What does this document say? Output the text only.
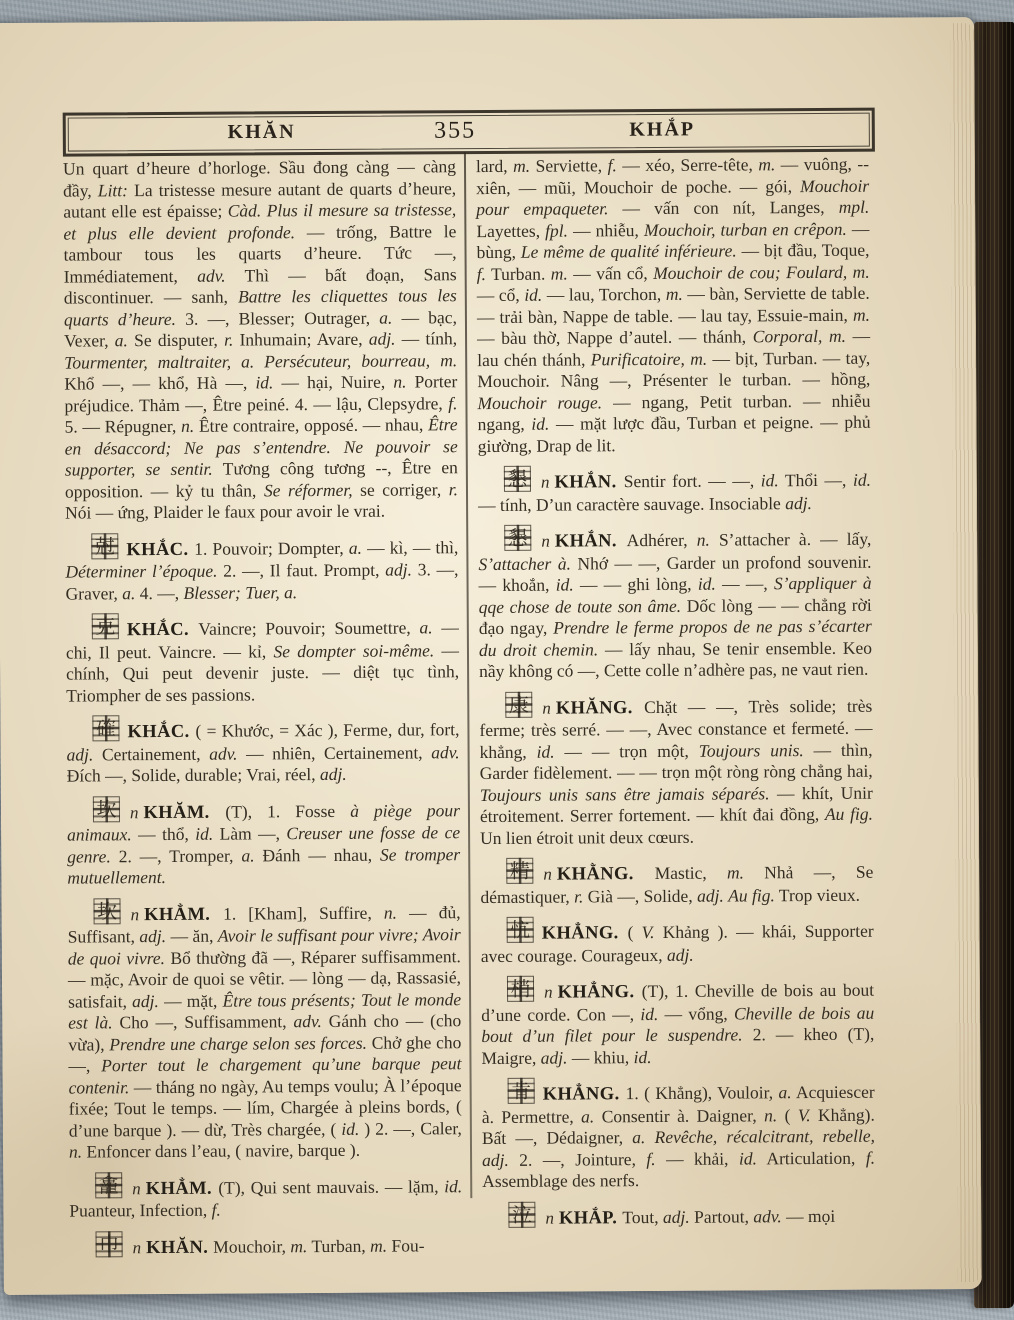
KHĂN	355	KHẮP

Un quart d’heure d’horloge. Sầu đong càng — càng đầy, Litt: La tristesse mesure autant de quarts d’heure, autant elle est épaisse; Càd. Plus il mesure sa tristesse, et plus elle devient profonde. — trống, Battre le tambour tous les quarts d’heure. Tức —, Immédiatement, adv. Thì — bất đoạn, Sans discontinuer. — sanh, Battre les cliquettes tous les quarts d’heure. 3. —, Blesser; Outrager, a. — bạc, Vexer, a. Se disputer, r. Inhumain; Avare, adj. — tính, Tourmenter, maltraiter, a. Persécuteur, bourreau, m. Khổ —, — khổ, Hà —, id. — hại, Nuire, n. Porter préjudice. Thảm —, Être peiné. 4. — lậu, Clepsydre, f. 5. — Répugner, n. Être contraire, opposé. — nhau, Être en désaccord; Ne pas s’entendre. Ne pouvoir se supporter, se sentir. Tương công tương --, Être en opposition. — kỷ tu thân, Se réformer, se corriger, r. Nói — ứng, Plaider le faux pour avoir le vrai.

尅 KHẮC. 1. Pouvoir; Dompter, a. — kì, — thì, Déterminer l’époque. 2. —, Il faut. Prompt, adj. 3. —, Graver, a. 4. —, Blesser; Tuer, a.

克 KHẮC. Vaincre; Pouvoir; Soumettre, a. — chi, Il peut. Vaincre. — kỉ, Se dompter soi-même. — chính, Qui peut devenir juste. — diệt tục tình, Triompher de ses passions.

確 KHẮC. ( = Khước, = Xác ), Ferme, dur, fort, adj. Certainement, adv. — nhiên, Certainement, adv. Đích —, Solide, durable; Vrai, réel, adj.

坎 n KHĂM. (T), 1. Fosse à piège pour animaux. — thổ, id. Làm —, Creuser une fosse de ce genre. 2. —, Tromper, a. Đánh — nhau, Se tromper mutuellement.

坎 n KHẲM. 1. [Kham], Suffire, n. — đủ, Suffisant, adj. — ăn, Avoir le suffisant pour vivre; Avoir de quoi vivre. Bổ thường đã —, Réparer suffisamment. — mặc, Avoir de quoi se vêtir. — lòng — dạ, Rassasié, satisfait, adj. — mặt, Être tous présents; Tout le monde est là. Cho —, Suffisamment, adv. Gánh cho — (cho vừa), Prendre une charge selon ses forces. Chở ghe cho —, Porter tout le chargement qu’une barque peut contenir. — tháng no ngày, Au temps voulu; À l’époque fixée; Tout le temps. — lím, Chargée à pleins bords, ( d’une barque ). — dừ, Très chargée, ( id. ) 2. —, Caler, n. Enfoncer dans l’eau, ( navire, barque ).

龕 n KHẲM. (T), Qui sent mauvais. — lặm, id. Puanteur, Infection, f.

巾 n KHĂN. Mouchoir, m. Turban, m. Fou-

lard, m. Serviette, f. — xéo, Serre-tête, m. — vuông, -- xiên, — mũi, Mouchoir de poche. — gói, Mouchoir pour empaqueter. — vấn con nít, Langes, mpl. Layettes, fpl. — nhiễu, Mouchoir, turban en crêpon. — bùng, Le même de qualité inférieure. — bịt đầu, Toque, f. Turban. m. — vấn cổ, Mouchoir de cou; Foulard, m. — cổ, id. — lau, Torchon, m. — bàn, Serviette de table. — trải bàn, Nappe de table. — lau tay, Essuie-main, m. — bàu thờ, Nappe d’autel. — thánh, Corporal, m. — lau chén thánh, Purificatoire, m. — bịt, Turban. — tay, Mouchoir. Nâng —, Présenter le turban. — hồng, Mouchoir rouge. — ngang, Petit turban. — nhiễu ngang, id. — mặt lược đầu, Turban et peigne. — phủ giường, Drap de lit.

懇 n KHẮN. Sentir fort. — —, id. Thổi —, id. — tính, D’un caractère sauvage. Insociable adj.

懇 n KHẮN. Adhérer, n. S’attacher à. — lấy, S’attacher à. Nhớ — —, Garder un profond souvenir. — khoắn, id. — — ghi lòng, id. — —, S’appliquer à qqe chose de toute son âme. Dốc lòng — — chẳng rời đạo ngay, Prendre le ferme propos de ne pas s’écarter du droit chemin. — lấy nhau, Se tenir ensemble. Keo nầy không có —, Cette colle n’adhère pas, ne vaut rien.

康 n KHĂNG. Chặt — —, Très solide; très ferme; très serré. — —, Avec constance et fermeté. — khẳng, id. — — trọn một, Toujours unis. — thìn, Garder fidèlement. — — trọn một ròng ròng chẳng hai, Toujours unis sans être jamais séparés. — khít, Unir étroitement. Serrer fortement. — khít đai đồng, Au fig. Un lien étroit unit deux cœurs.

精 n KHẰNG. Mastic, m. Nhả —, Se démastiquer, r. Già —, Solide, adj. Au fig. Trop vieux.

忼 KHẲNG. ( V. Khảng ). — khái, Supporter avec courage. Courageux, adj.

梢 n KHẲNG. (T), 1. Cheville de bois au bout d’une corde. Con —, id. — vổng, Cheville de bois au bout d’un filet pour le suspendre. 2. — kheo (T), Maigre, adj. — khiu, id.

肯 KHẲNG. 1. ( Khẳng), Vouloir, a. Acquiescer à. Permettre, a. Consentir à. Daigner, n. ( V. Khẳng). Bất —, Dédaigner, a. Revêche, récalcitrant, rebelle, adj. 2. —, Jointure, f. — khải, id. Articulation, f. Assemblage des nerfs.

泣 n KHẮP. Tout, adj. Partout, adv. — mọi
